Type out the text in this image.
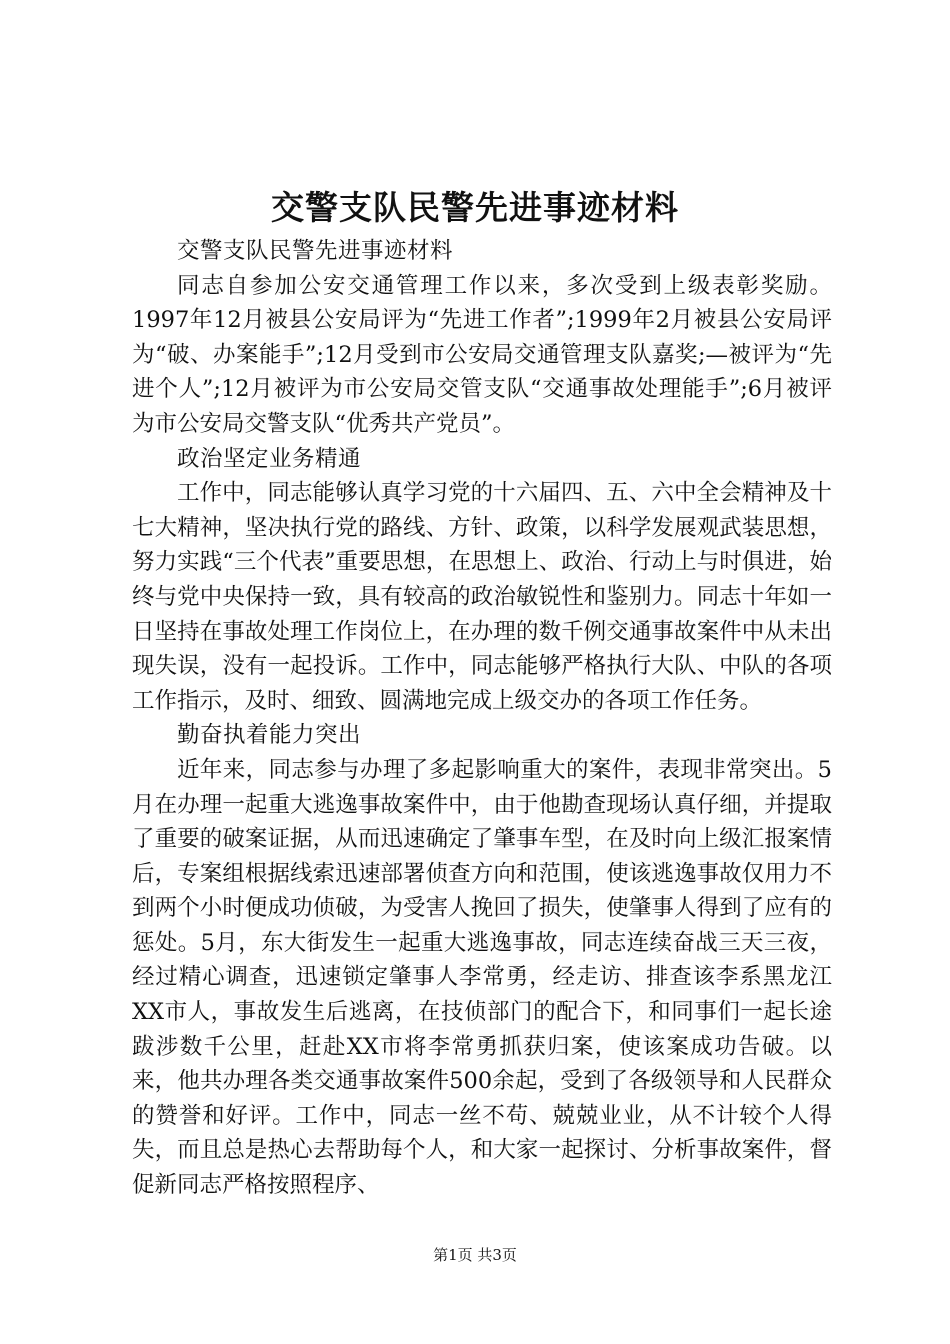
交警支队民警先进事迹材料

交警支队民警先进事迹材料

同志自参加公安交通管理工作以来，多次受到上级表彰奖励。1997年12月被县公安局评为“先进工作者”;1999年2月被县公安局评为“破、办案能手”;12月受到市公安局交通管理支队嘉奖;—被评为“先进个人”;12月被评为市公安局交管支队“交通事故处理能手”;6月被评为市公安局交警支队“优秀共产党员”。

政治坚定业务精通

工作中，同志能够认真学习党的十六届四、五、六中全会精神及十七大精神，坚决执行党的路线、方针、政策，以科学发展观武装思想，努力实践“三个代表”重要思想，在思想上、政治、行动上与时俱进，始终与党中央保持一致，具有较高的政治敏锐性和鉴别力。同志十年如一日坚持在事故处理工作岗位上，在办理的数千例交通事故案件中从未出现失误，没有一起投诉。工作中，同志能够严格执行大队、中队的各项工作指示，及时、细致、圆满地完成上级交办的各项工作任务。

勤奋执着能力突出

近年来，同志参与办理了多起影响重大的案件，表现非常突出。5月在办理一起重大逃逸事故案件中，由于他勘查现场认真仔细，并提取了重要的破案证据，从而迅速确定了肇事车型，在及时向上级汇报案情后，专案组根据线索迅速部署侦查方向和范围，使该逃逸事故仅用力不到两个小时便成功侦破，为受害人挽回了损失，使肇事人得到了应有的惩处。5月，东大街发生一起重大逃逸事故，同志连续奋战三天三夜，经过精心调查，迅速锁定肇事人李常勇，经走访、排查该李系黑龙江XX市人，事故发生后逃离，在技侦部门的配合下，和同事们一起长途跋涉数千公里，赶赴XX市将李常勇抓获归案，使该案成功告破。以来，他共办理各类交通事故案件500余起，受到了各级领导和人民群众的赞誉和好评。工作中，同志一丝不苟、兢兢业业，从不计较个人得失，而且总是热心去帮助每个人，和大家一起探讨、分析事故案件，督促新同志严格按照程序、

第1页 共3页
